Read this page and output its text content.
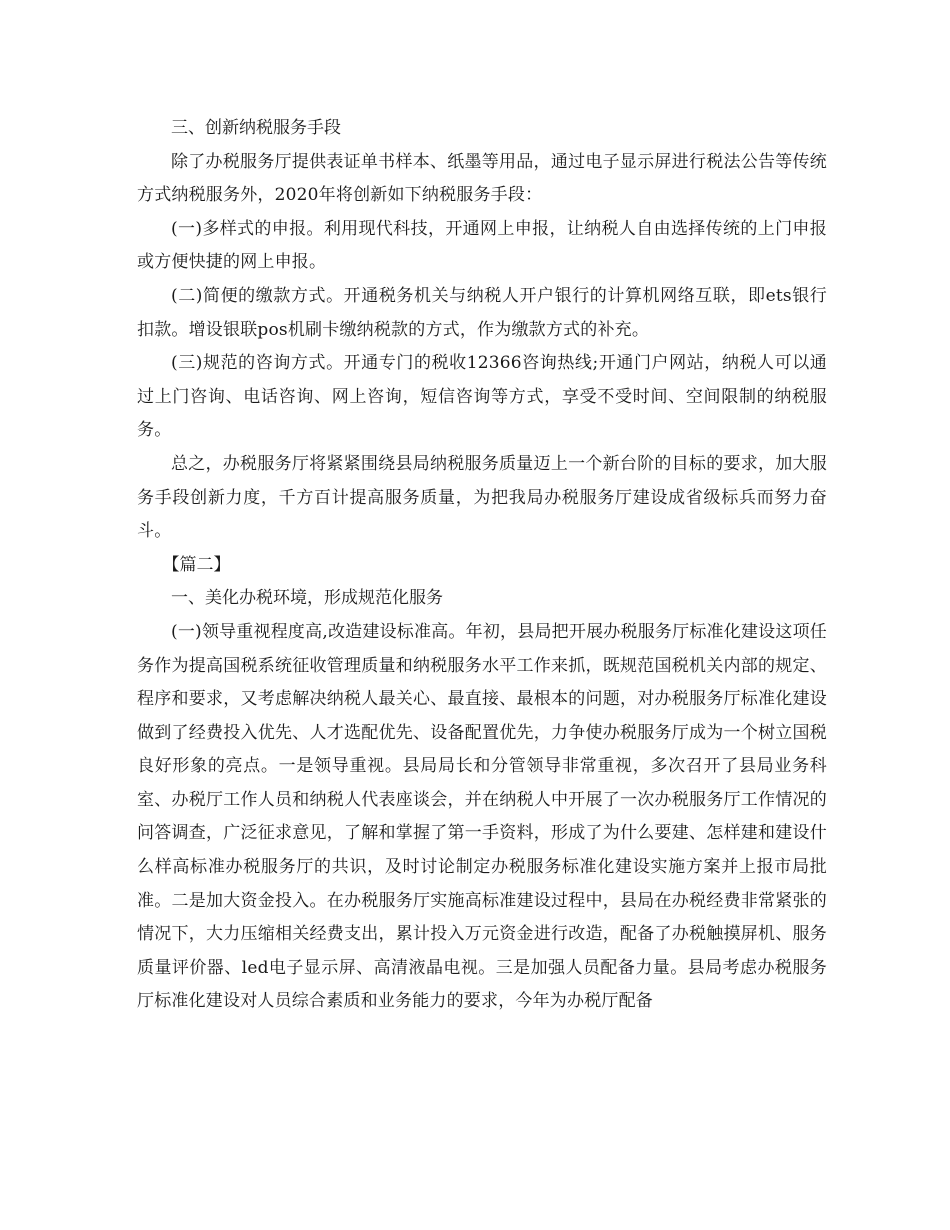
三、创新纳税服务手段

除了办税服务厅提供表证单书样本、纸墨等用品，通过电子显示屏进行税法公告等传统方式纳税服务外，2020年将创新如下纳税服务手段：

(一)多样式的申报。利用现代科技，开通网上申报，让纳税人自由选择传统的上门申报或方便快捷的网上申报。

(二)简便的缴款方式。开通税务机关与纳税人开户银行的计算机网络互联，即ets银行扣款。增设银联pos机刷卡缴纳税款的方式，作为缴款方式的补充。

(三)规范的咨询方式。开通专门的税收12366咨询热线;开通门户网站，纳税人可以通过上门咨询、电话咨询、网上咨询，短信咨询等方式，享受不受时间、空间限制的纳税服务。

总之，办税服务厅将紧紧围绕县局纳税服务质量迈上一个新台阶的目标的要求，加大服务手段创新力度，千方百计提高服务质量，为把我局办税服务厅建设成省级标兵而努力奋斗。

【篇二】

一、美化办税环境，形成规范化服务

(一)领导重视程度高,改造建设标准高。年初，县局把开展办税服务厅标准化建设这项任务作为提高国税系统征收管理质量和纳税服务水平工作来抓，既规范国税机关内部的规定、程序和要求，又考虑解决纳税人最关心、最直接、最根本的问题，对办税服务厅标准化建设做到了经费投入优先、人才选配优先、设备配置优先，力争使办税服务厅成为一个树立国税良好形象的亮点。一是领导重视。县局局长和分管领导非常重视，多次召开了县局业务科室、办税厅工作人员和纳税人代表座谈会，并在纳税人中开展了一次办税服务厅工作情况的问答调查，广泛征求意见，了解和掌握了第一手资料，形成了为什么要建、怎样建和建设什么样高标准办税服务厅的共识，及时讨论制定办税服务标准化建设实施方案并上报市局批准。二是加大资金投入。在办税服务厅实施高标准建设过程中，县局在办税经费非常紧张的情况下，大力压缩相关经费支出，累计投入万元资金进行改造，配备了办税触摸屏机、服务质量评价器、led电子显示屏、高清液晶电视。三是加强人员配备力量。县局考虑办税服务厅标准化建设对人员综合素质和业务能力的要求，今年为办税厅配备
